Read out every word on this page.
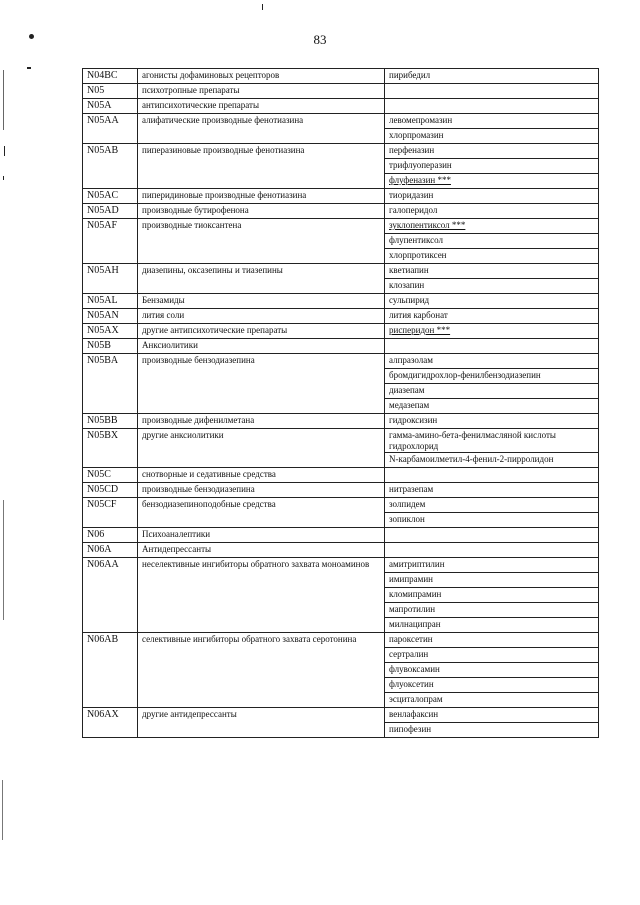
83
N04BC	агонисты дофаминовых рецепторов	пирибедил
N05	психотропные препараты	
N05A	антипсихотические препараты	
N05AA	алифатические производные фенотиазина	левомепромазин
		хлорпромазин
N05AB	пиперазиновые производные фенотиазина	перфеназин
		трифлуоперазин
		флуфеназин ***
N05AC	пиперидиновые производные фенотиазина	тиоридазин
N05AD	производные бутирофенона	галоперидол
N05AF	производные тиоксантена	зуклопентиксол ***
		флупентиксол
		хлорпротиксен
N05AH	диазепины, оксазепины и тиазепины	кветиапин
		клозапин
N05AL	Бензамиды	сульпирид
N05AN	лития соли	лития карбонат
N05AX	другие антипсихотические препараты	рисперидон ***
N05B	Анксиолитики	
N05BA	производные бензодиазепина	алпразолам
		бромдигидрохлор-фенилбензодиазепин
		диазепам
		медазепам
N05BB	производные дифенилметана	гидроксизин
N05BX	другие анксиолитики	гамма-амино-бета-фенилмасляной кислоты гидрохлорид
		N-карбамоилметил-4-фенил-2-пирролидон
N05C	снотворные и седативные средства	
N05CD	производные бензодиазепина	нитразепам
N05CF	бензодиазепиноподобные средства	золпидем
		зопиклон
N06	Психоаналептики	
N06A	Антидепрессанты	
N06AA	неселективные ингибиторы обратного захвата моноаминов	амитриптилин
		имипрамин
		кломипрамин
		мапротилин
		милнаципран
N06AB	селективные ингибиторы обратного захвата серотонина	пароксетин
		сертралин
		флувоксамин
		флуоксетин
		эсциталопрам
N06AX	другие антидепрессанты	венлафаксин
		пипофезин
